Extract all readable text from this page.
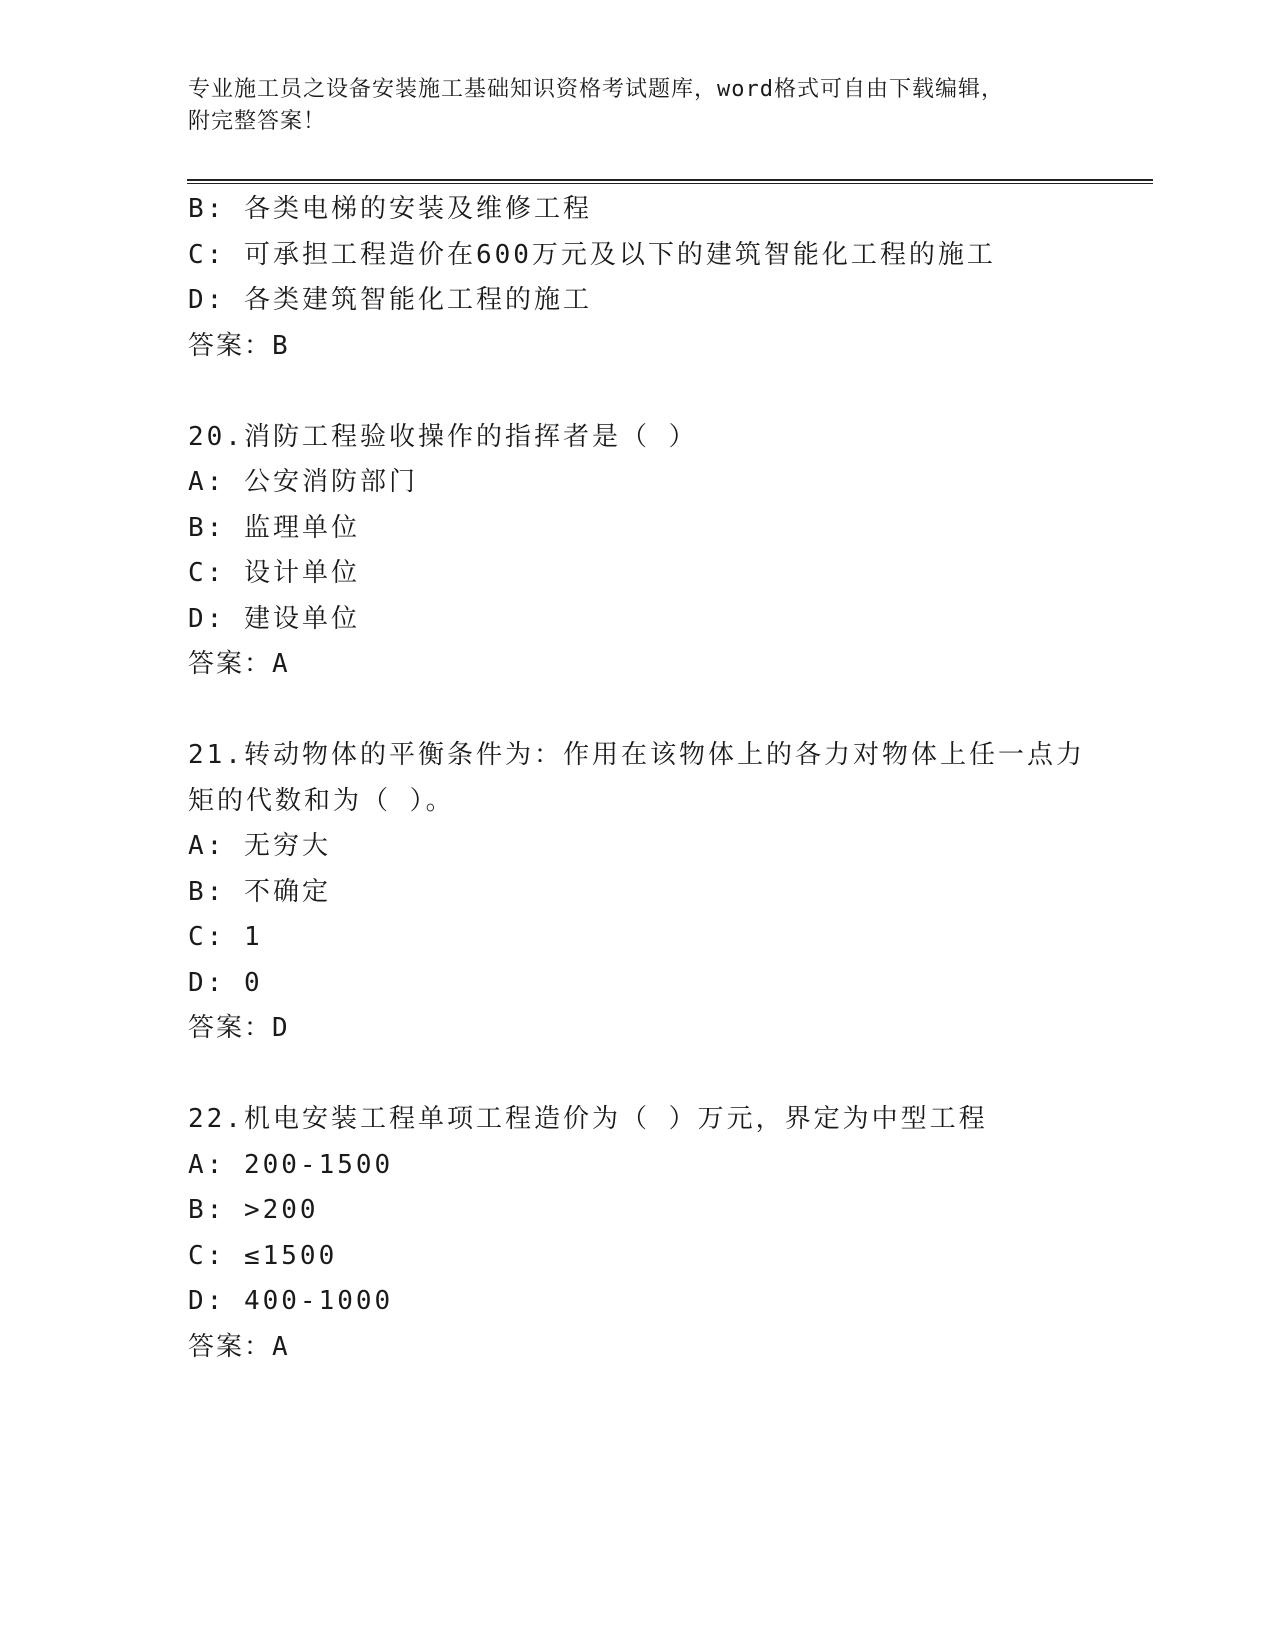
专业施工员之设备安装施工基础知识资格考试题库，word格式可自由下载编辑，
附完整答案！
B: 各类电梯的安装及维修工程
C: 可承担工程造价在600万元及以下的建筑智能化工程的施工
D: 各类建筑智能化工程的施工
答案：B
20.消防工程验收操作的指挥者是（ ）
A: 公安消防部门
B: 监理单位
C: 设计单位
D: 建设单位
答案：A
21.转动物体的平衡条件为：作用在该物体上的各力对物体上任一点力
矩的代数和为（ ）。
A: 无穷大
B: 不确定
C: 1
D: 0
答案：D
22.机电安装工程单项工程造价为（ ）万元，界定为中型工程
A: 200-1500
B: >200
C: ≤1500
D: 400-1000
答案：A
